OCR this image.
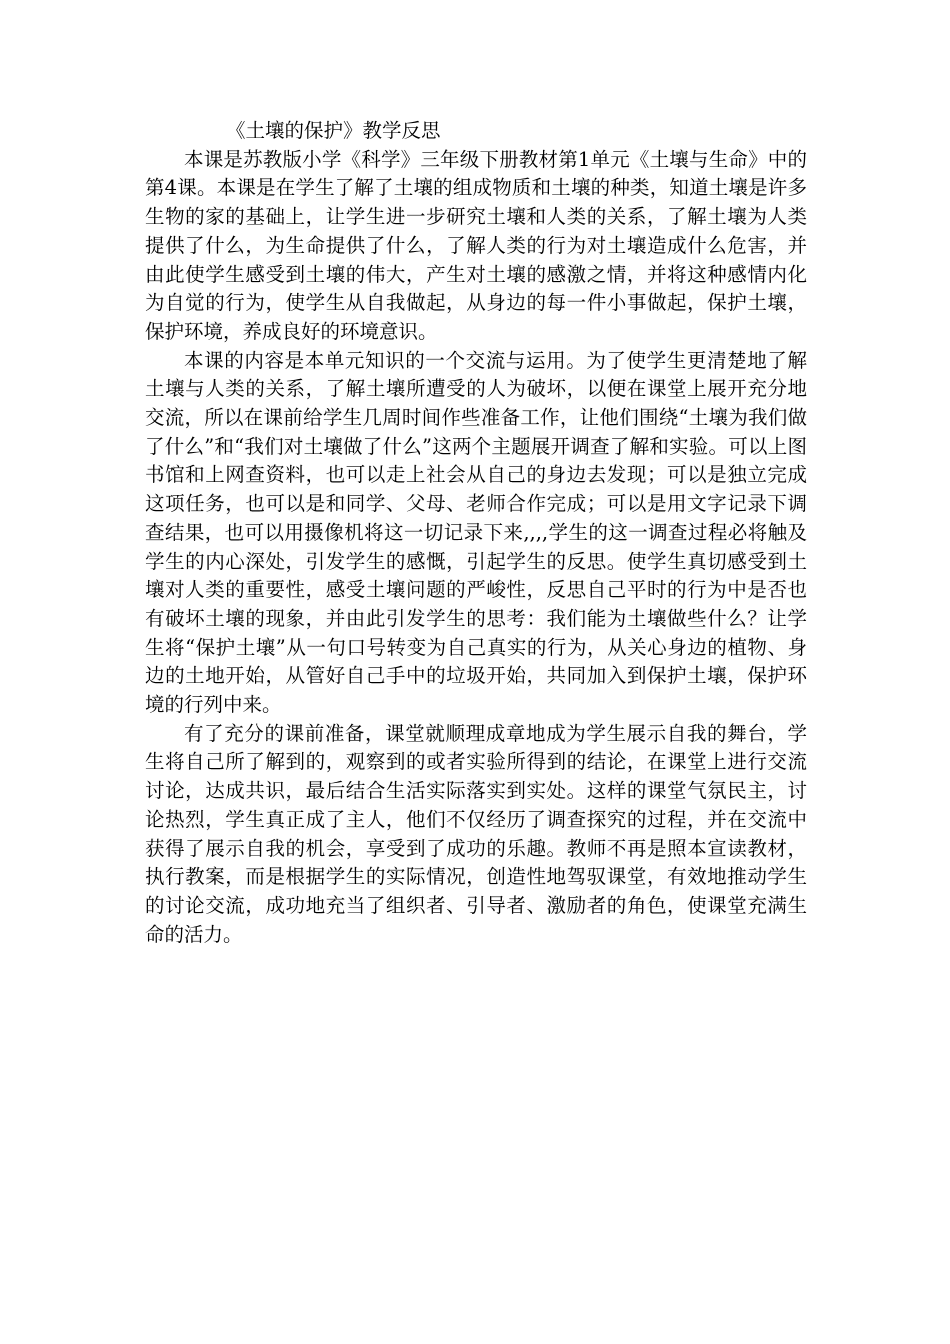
《土壤的保护》教学反思

本课是苏教版小学《科学》三年级下册教材第1单元《土壤与生命》中的第4课。本课是在学生了解了土壤的组成物质和土壤的种类，知道土壤是许多生物的家的基础上，让学生进一步研究土壤和人类的关系，了解土壤为人类提供了什么，为生命提供了什么，了解人类的行为对土壤造成什么危害，并由此使学生感受到土壤的伟大，产生对土壤的感激之情，并将这种感情内化为自觉的行为，使学生从自我做起，从身边的每一件小事做起，保护土壤，保护环境，养成良好的环境意识。

本课的内容是本单元知识的一个交流与运用。为了使学生更清楚地了解土壤与人类的关系，了解土壤所遭受的人为破坏，以便在课堂上展开充分地交流，所以在课前给学生几周时间作些准备工作，让他们围绕“土壤为我们做了什么”和“我们对土壤做了什么”这两个主题展开调查了解和实验。可以上图书馆和上网查资料，也可以走上社会从自己的身边去发现；可以是独立完成这项任务，也可以是和同学、父母、老师合作完成；可以是用文字记录下调查结果，也可以用摄像机将这一切记录下来,,,,学生的这一调查过程必将触及学生的内心深处，引发学生的感慨，引起学生的反思。使学生真切感受到土壤对人类的重要性，感受土壤问题的严峻性，反思自己平时的行为中是否也有破坏土壤的现象，并由此引发学生的思考：我们能为土壤做些什么？让学生将“保护土壤”从一句口号转变为自己真实的行为，从关心身边的植物、身边的土地开始，从管好自己手中的垃圾开始，共同加入到保护土壤，保护环境的行列中来。

有了充分的课前准备，课堂就顺理成章地成为学生展示自我的舞台，学生将自己所了解到的，观察到的或者实验所得到的结论，在课堂上进行交流讨论，达成共识，最后结合生活实际落实到实处。这样的课堂气氛民主，讨论热烈，学生真正成了主人，他们不仅经历了调查探究的过程，并在交流中获得了展示自我的机会，享受到了成功的乐趣。教师不再是照本宣读教材，执行教案，而是根据学生的实际情况，创造性地驾驭课堂，有效地推动学生的讨论交流，成功地充当了组织者、引导者、激励者的角色，使课堂充满生命的活力。
